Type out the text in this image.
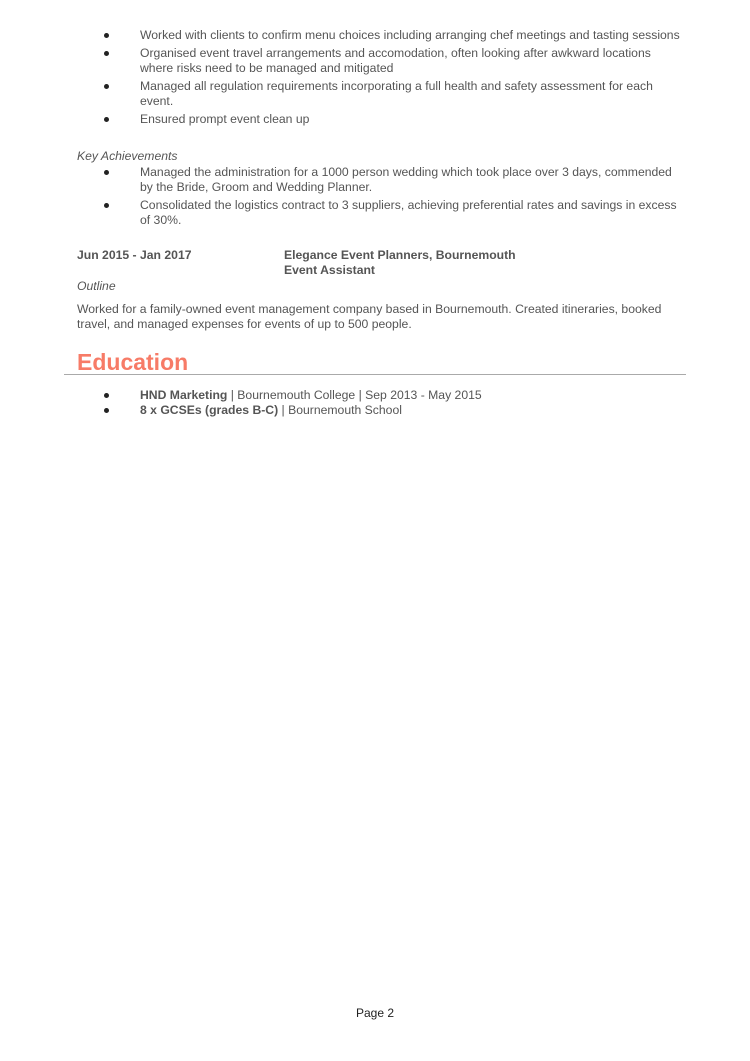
Worked with clients to confirm menu choices including arranging chef meetings and tasting sessions
Organised event travel arrangements and accomodation, often looking after awkward locations where risks need to be managed and mitigated
Managed all regulation requirements incorporating a full health and safety assessment for each event.
Ensured prompt event clean up
Key Achievements
Managed the administration for a 1000 person wedding which took place over 3 days, commended by the Bride, Groom and Wedding Planner.
Consolidated the logistics contract to 3 suppliers, achieving preferential rates and savings in excess of 30%.
Jun 2015 - Jan 2017	Elegance Event Planners, Bournemouth
Event Assistant
Outline
Worked for a family-owned event management company based in Bournemouth. Created itineraries, booked travel, and managed expenses for events of up to 500 people.
Education
HND Marketing | Bournemouth College | Sep 2013 - May 2015
8 x GCSEs (grades B-C) | Bournemouth School
Page 2
